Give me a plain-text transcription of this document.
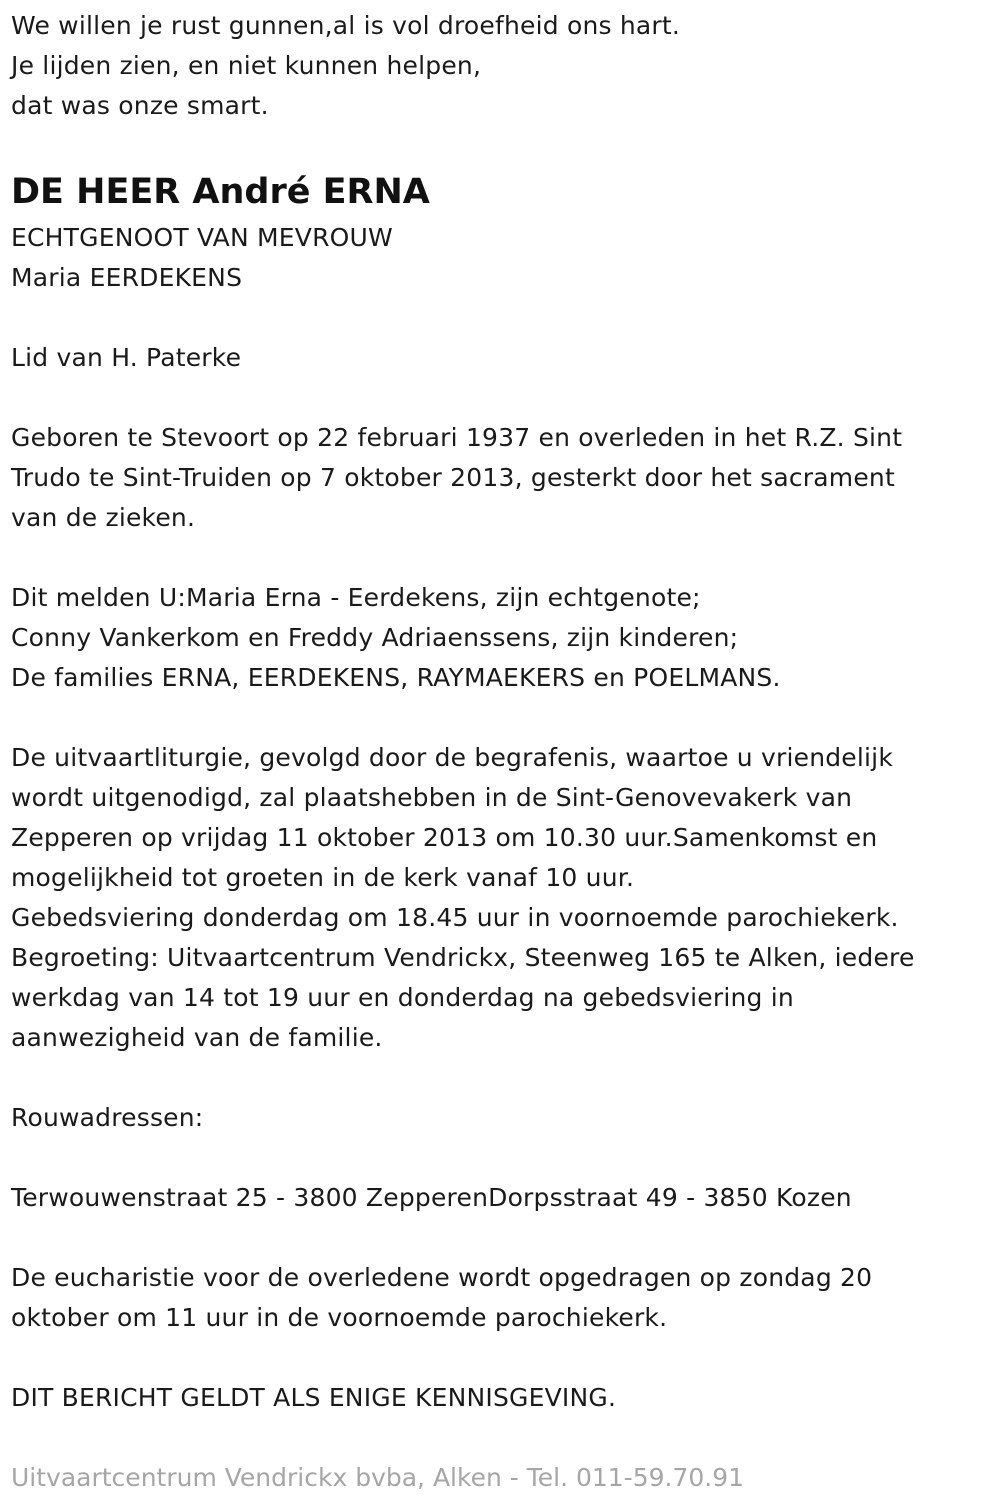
We willen je rust gunnen,al is vol droefheid ons hart.

Je lijden zien, en niet kunnen helpen,

dat was onze smart.

DE HEER André ERNA

ECHTGENOOT VAN MEVROUW

Maria EERDEKENS

Lid van H. Paterke

Geboren te Stevoort op 22 februari 1937 en overleden in het R.Z. Sint

Trudo te Sint-Truiden op 7 oktober 2013, gesterkt door het sacrament

van de zieken.

Dit melden U:Maria Erna - Eerdekens, zijn echtgenote;

Conny Vankerkom en Freddy Adriaenssens, zijn kinderen;

De families ERNA, EERDEKENS, RAYMAEKERS en POELMANS.

De uitvaartliturgie, gevolgd door de begrafenis, waartoe u vriendelijk

wordt uitgenodigd, zal plaatshebben in de Sint-Genovevakerk van

Zepperen op vrijdag 11 oktober 2013 om 10.30 uur.Samenkomst en

mogelijkheid tot groeten in de kerk vanaf 10 uur.

Gebedsviering donderdag om 18.45 uur in voornoemde parochiekerk.

Begroeting: Uitvaartcentrum Vendrickx, Steenweg 165 te Alken, iedere

werkdag van 14 tot 19 uur en donderdag na gebedsviering in

aanwezigheid van de familie.

Rouwadressen:

Terwouwenstraat 25 - 3800 ZepperenDorpsstraat 49 - 3850 Kozen

De eucharistie voor de overledene wordt opgedragen op zondag 20

oktober om 11 uur in de voornoemde parochiekerk.

DIT BERICHT GELDT ALS ENIGE KENNISGEVING.

Uitvaartcentrum Vendrickx bvba, Alken - Tel. 011-59.70.91
